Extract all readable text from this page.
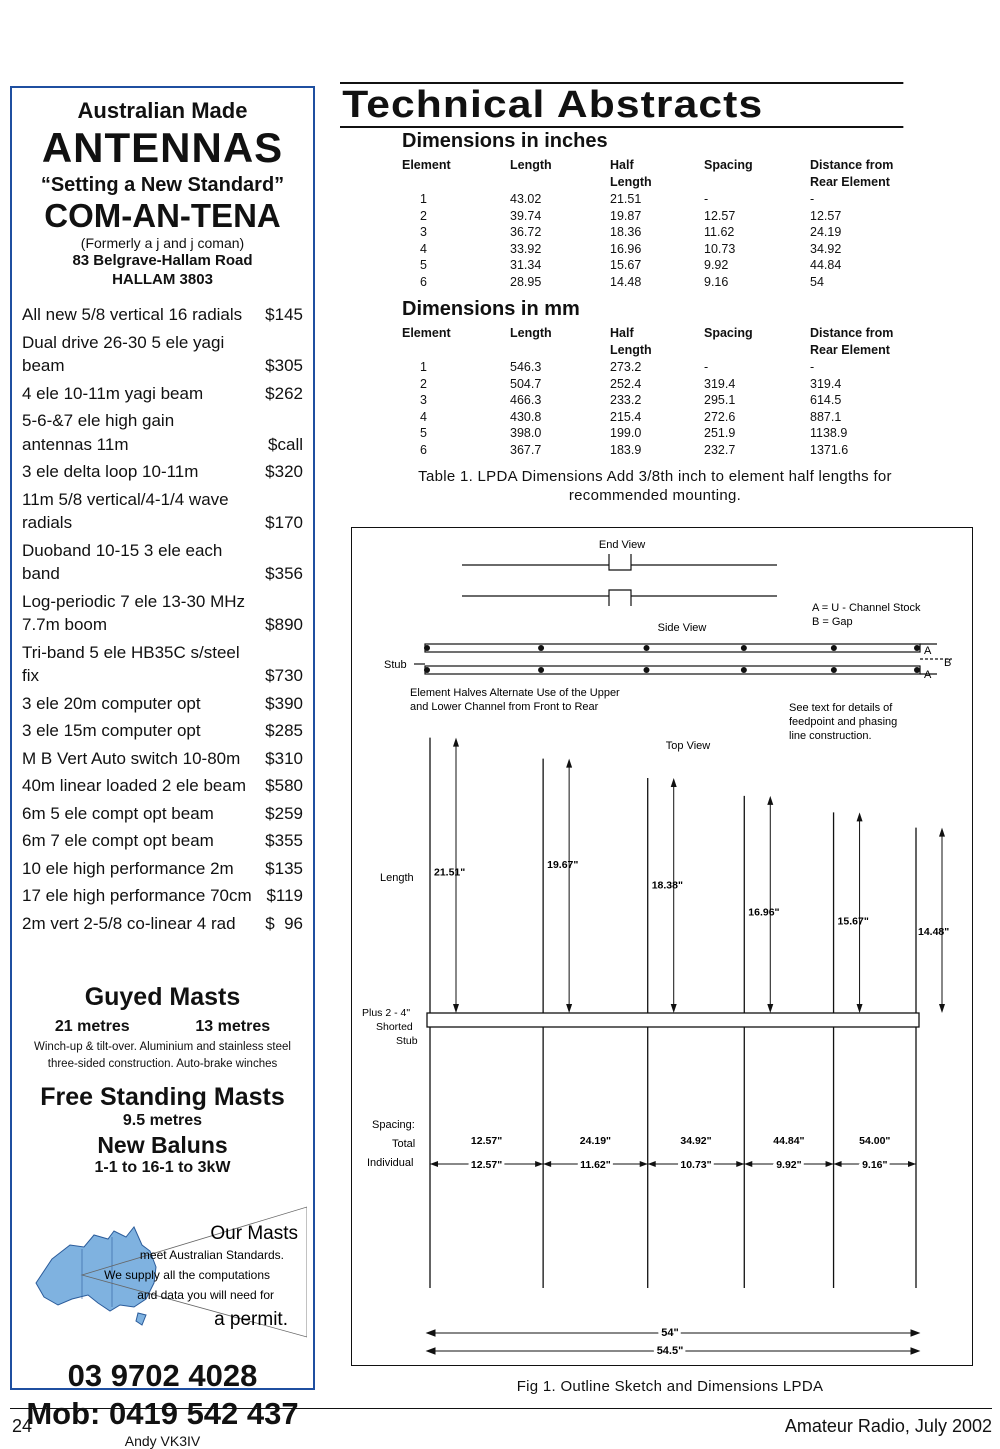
Australian Made
ANTENNAS
“Setting a New Standard”
COM-AN-TENA
(Formerly a j and j coman)
83 Belgrave-Hallam Road
HALLAM 3803
All new 5/8 vertical 16 radials $145
Dual drive 26-30 5 ele yagi beam	$305
4 ele 10-11m yagi beam	$262
5-6-&7 ele high gain
antennas 11m	$call
3 ele delta loop 10-11m	$320
11m 5/8 vertical/4-1/4 wave
radials	$170
Duoband 10-15 3 ele each band	$356
Log-periodic 7 ele 13-30 MHz
7.7m boom	$890
Tri-band 5 ele HB35C s/steel fix	$730
3 ele 20m computer opt	$390
3 ele 15m computer opt	$285
M B Vert Auto switch 10-80m $310
40m linear loaded 2 ele beam $580
6m 5 ele compt opt beam	$259
6m 7 ele compt opt beam	$355
10 ele high performance 2m $135
17 ele high performance 70cm $119
2m vert 2-5/8 co-linear 4 rad $  96
Guyed Masts
21 metres	13 metres
Winch-up & tilt-over. Aluminium and stainless steel
three-sided construction. Auto-brake winches
Free Standing Masts
9.5 metres
New Baluns
1-1 to 16-1 to 3kW
Our Masts
meet Australian Standards.
We supply all the computations
and data you will need for
a permit.
03 9702 4028
Mob: 0419 542 437
Andy VK3IV
Technical Abstracts
Dimensions in inches
Element	Length	Half
Length	Spacing	Distance from
Rear Element
1	43.02	21.51	-	-
2	39.74	19.87	12.57	12.57
3	36.72	18.36	11.62	24.19
4	33.92	16.96	10.73	34.92
5	31.34	15.67	9.92	44.84
6	28.95	14.48	9.16	54
Dimensions in mm
Element	Length	Half
Length	Spacing	Distance from
Rear Element
1	546.3	273.2	-	-
2	504.7	252.4	319.4	319.4
3	466.3	233.2	295.1	614.5
4	430.8	215.4	272.6	887.1
5	398.0	199.0	251.9	1138.9
6	367.7	183.9	232.7	1371.6
Table 1. LPDA Dimensions Add 3/8th inch to element half lengths for recommended mounting.
End View
A = U - Channel Stock
B = Gap
Side View
Stub
A
B
A
Element Halves Alternate Use of the Upper
and Lower Channel from Front to Rear	See text for details of
feedpoint and phasing
line construction.
Top View
Length 21.51"
19.67"
18.38"
16.96"
15.67"
14.48"
Plus 2 - 4"
Shorted
Stub
Spacing:
Total
Individual
12.57"
12.57"
24.19"
11.62"
34.92"
10.73"
44.84"
9.92"
54.00"
9.16"
54"
54.5"
Fig 1. Outline Sketch and Dimensions LPDA
24	Amateur Radio, July 2002
